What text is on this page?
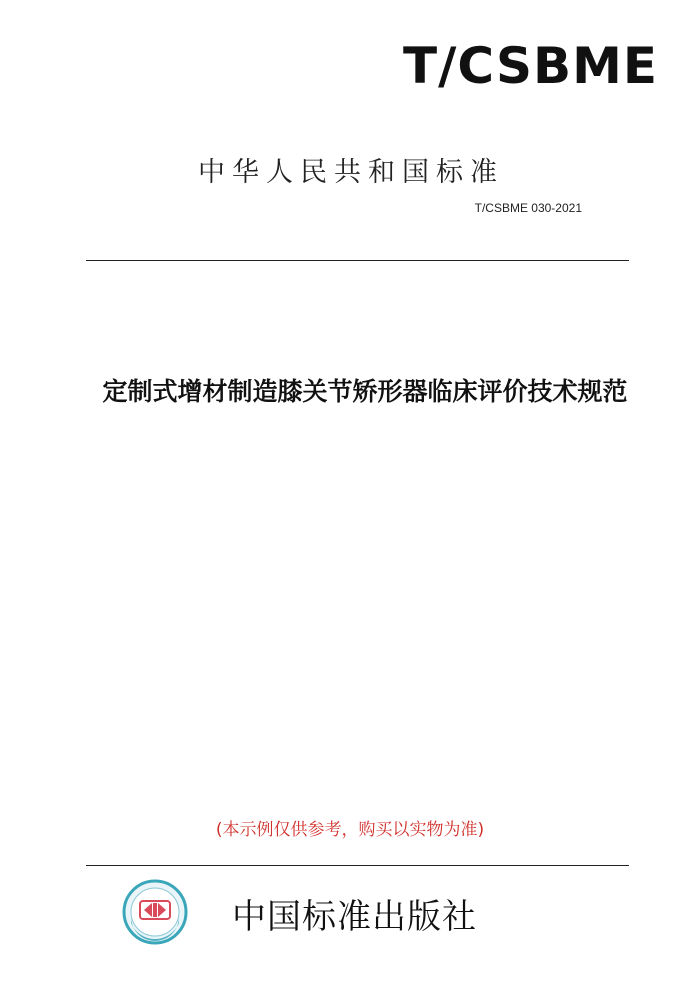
T/CSBME
中华人民共和国标准
T/CSBME 030-2021
定制式增材制造膝关节矫形器临床评价技术规范
(本示例仅供参考，购买以实物为准)
中国标准出版社
